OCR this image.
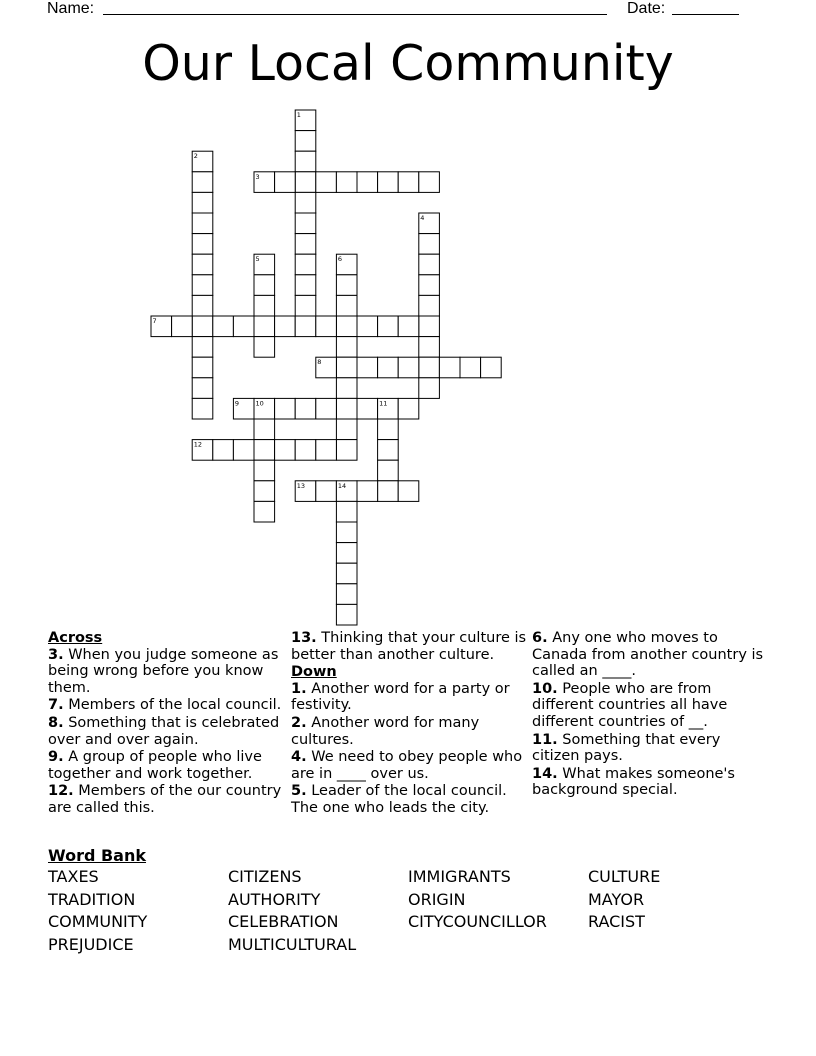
Name:	Date:
Our Local Community
1
2
3
4
5	6
7
8
9	10	11
12
13	14
Across
3. When you judge someone as being wrong before you know them.
7. Members of the local council.
8. Something that is celebrated over and over again.
9. A group of people who live together and work together.
12. Members of the our country are called this.
13. Thinking that your culture is better than another culture.
Down
1. Another word for a party or festivity.
2. Another word for many cultures.
4. We need to obey people who are in ____ over us.
5. Leader of the local council. The one who leads the city.
6. Any one who moves to Canada from another country is called an ____.
10. People who are from different countries all have different countries of __.
11. Something that every citizen pays.
14. What makes someone's background special.
Word Bank
TAXES	CITIZENS	IMMIGRANTS	CULTURE
TRADITION	AUTHORITY	ORIGIN	MAYOR
COMMUNITY	CELEBRATION	CITYCOUNCILLOR	RACIST
PREJUDICE	MULTICULTURAL
